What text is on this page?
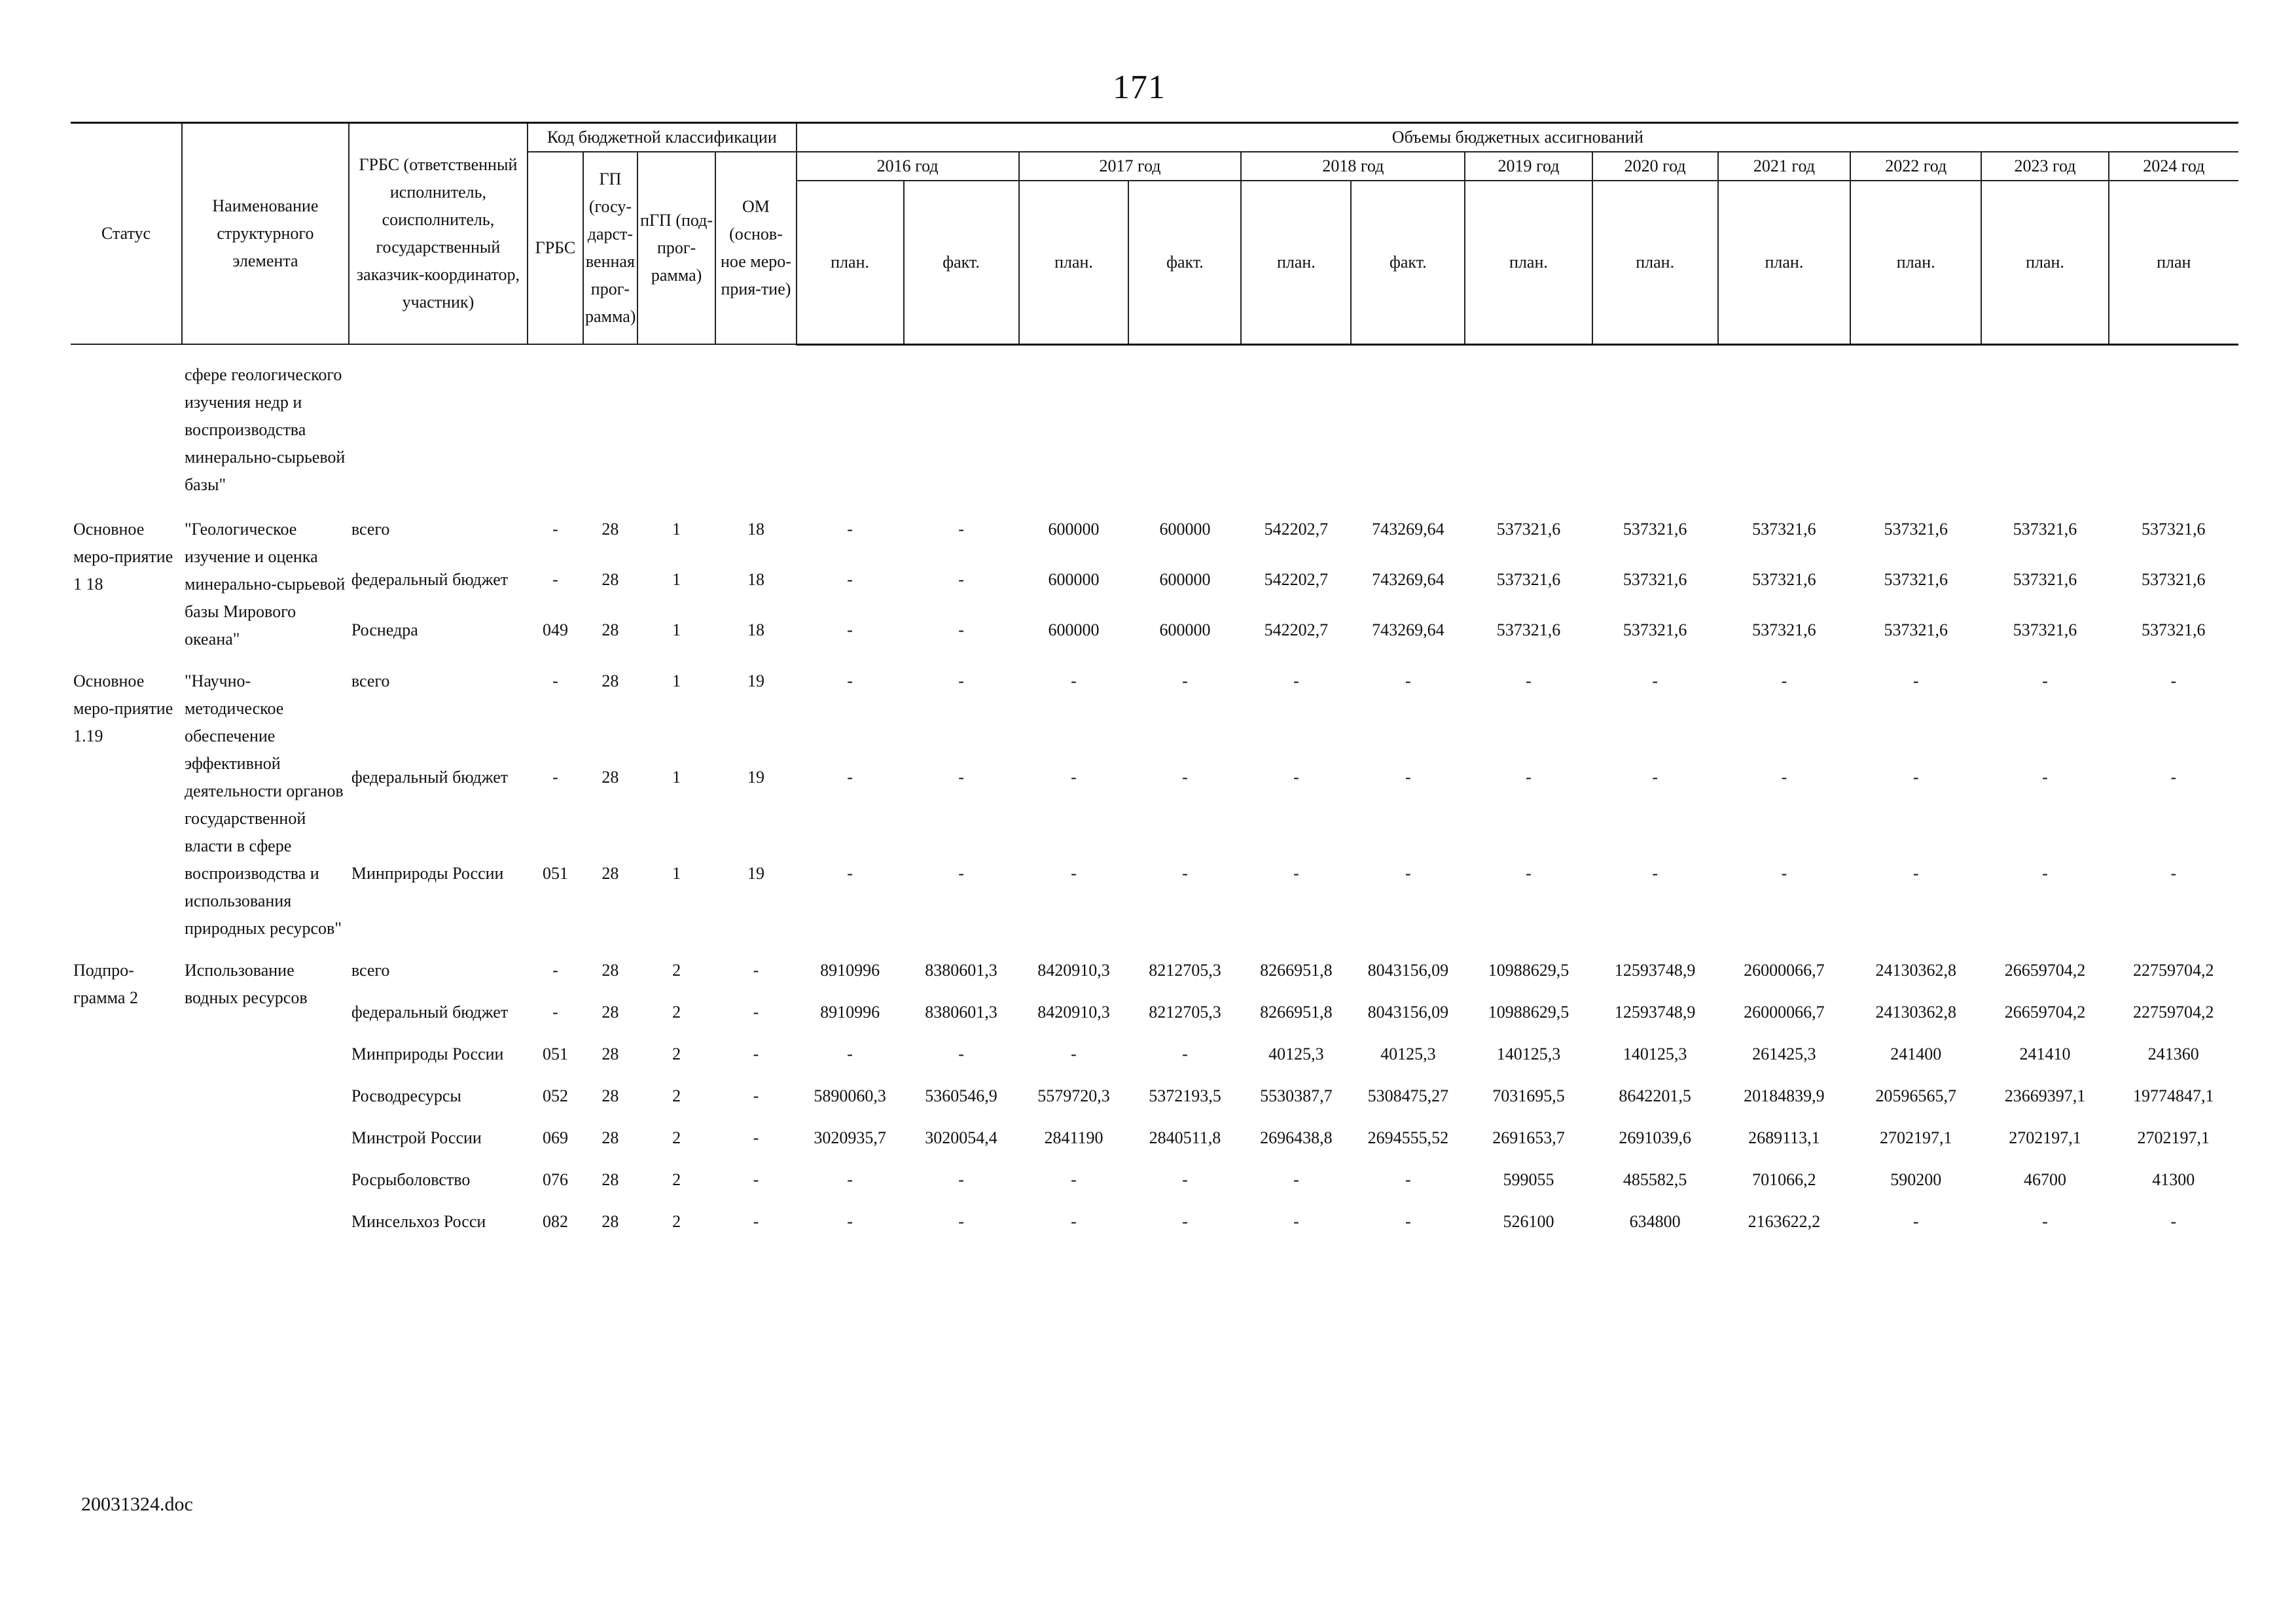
171
Статус	Наименование структурного элемента	ГРБС (ответственный исполнитель, соисполнитель, государственный заказчик-координатор, участник)	Код бюджетной классификации				Объемы бюджетных ассигнований											
			ГРБС	ГП (госу-дарст-венная прог-рамма)	пГП (под-прог-рамма)	ОМ (основ-ное меро-прия-тие)	2016 год		2017 год		2018 год		2019 год	2020 год	2021 год	2022 год	2023 год	2024 год
							план.	факт.	план.	факт.	план.	факт.	план.	план.	план.	план.	план.	план

	сфере геологического изучения недр и воспроизводства минерально-сырьевой базы"																	
Основное меро-приятие 1 18	"Геологическое изучение и оценка минерально-сырьевой базы Мирового океана"	всего	-	28	1	18	-	-	600000	600000	542202,7	743269,64	537321,6	537321,6	537321,6	537321,6	537321,6	537321,6
		федеральный бюджет	-	28	1	18	-	-	600000	600000	542202,7	743269,64	537321,6	537321,6	537321,6	537321,6	537321,6	537321,6
		Роснедра	049	28	1	18	-	-	600000	600000	542202,7	743269,64	537321,6	537321,6	537321,6	537321,6	537321,6	537321,6
Основное меро-приятие 1.19	"Научно-методическое обеспечение эффективной деятельности органов государственной власти в сфере воспроизводства и использования природных ресурсов"	всего	-	28	1	19	-	-	-	-	-	-	-	-	-	-	-	-
		федеральный бюджет	-	28	1	19	-	-	-	-	-	-	-	-	-	-	-	-
		Минприроды России	051	28	1	19	-	-	-	-	-	-	-	-	-	-	-	-
Подпро-грамма 2	Использование водных ресурсов	всего	-	28	2	-	8910996	8380601,3	8420910,3	8212705,3	8266951,8	8043156,09	10988629,5	12593748,9	26000066,7	24130362,8	26659704,2	22759704,2
		федеральный бюджет	-	28	2	-	8910996	8380601,3	8420910,3	8212705,3	8266951,8	8043156,09	10988629,5	12593748,9	26000066,7	24130362,8	26659704,2	22759704,2
		Минприроды России	051	28	2	-	-	-	-	-	40125,3	40125,3	140125,3	140125,3	261425,3	241400	241410	241360
		Росводресурсы	052	28	2	-	5890060,3	5360546,9	5579720,3	5372193,5	5530387,7	5308475,27	7031695,5	8642201,5	20184839,9	20596565,7	23669397,1	19774847,1
		Минстрой России	069	28	2	-	3020935,7	3020054,4	2841190	2840511,8	2696438,8	2694555,52	2691653,7	2691039,6	2689113,1	2702197,1	2702197,1	2702197,1
		Росрыболовство	076	28	2	-	-	-	-	-	-	-	599055	485582,5	701066,2	590200	46700	41300
		Минсельхоз Росси	082	28	2	-	-	-	-	-	-	-	526100	634800	2163622,2	-	-	-
20031324.doc
